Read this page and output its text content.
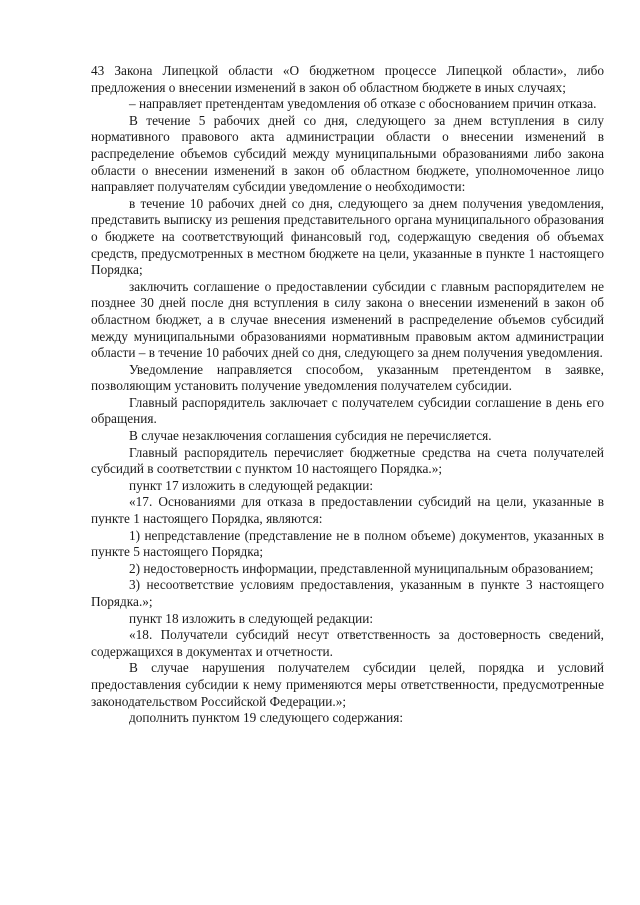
43 Закона Липецкой области «О бюджетном процессе Липецкой области», либо предложения о внесении изменений в закон об областном бюджете в иных случаях;

– направляет претендентам уведомления об отказе с обоснованием причин отказа.

В течение 5 рабочих дней со дня, следующего за днем вступления в силу нормативного правового акта администрации области о внесении изменений в распределение объемов субсидий между муниципальными образованиями либо закона области о внесении изменений в закон об областном бюджете, уполномоченное лицо направляет получателям субсидии уведомление о необходимости:

в течение 10 рабочих дней со дня, следующего за днем получения уведомления, представить выписку из решения представительного органа муниципального образования о бюджете на соответствующий финансовый год, содержащую сведения об объемах средств, предусмотренных в местном бюджете на цели, указанные в пункте 1 настоящего Порядка;

заключить соглашение о предоставлении субсидии с главным распорядителем не позднее 30 дней после дня вступления в силу закона о внесении изменений в закон об областном бюджет, а в случае внесения изменений в распределение объемов субсидий между муниципальными образованиями нормативным правовым актом администрации области – в течение 10 рабочих дней со дня, следующего за днем получения уведомления.

Уведомление направляется способом, указанным претендентом в заявке, позволяющим установить получение уведомления получателем субсидии.

Главный распорядитель заключает с получателем субсидии соглашение в день его обращения.

В случае незаключения соглашения субсидия не перечисляется.

Главный распорядитель перечисляет бюджетные средства на счета получателей субсидий в соответствии с пунктом 10 настоящего Порядка.»;

пункт 17 изложить в следующей редакции:

«17. Основаниями для отказа в предоставлении субсидий на цели, указанные в пункте 1 настоящего Порядка, являются:

1) непредставление (представление не в полном объеме) документов, указанных в пункте 5 настоящего Порядка;

2) недостоверность информации, представленной муниципальным образованием;

3) несоответствие условиям предоставления, указанным в пункте 3 настоящего Порядка.»;

пункт 18 изложить в следующей редакции:

«18. Получатели субсидий несут ответственность за достоверность сведений, содержащихся в документах и отчетности.

В случае нарушения получателем субсидии целей, порядка и условий предоставления субсидии к нему применяются меры ответственности, предусмотренные законодательством Российской Федерации.»;

дополнить пунктом 19 следующего содержания:
